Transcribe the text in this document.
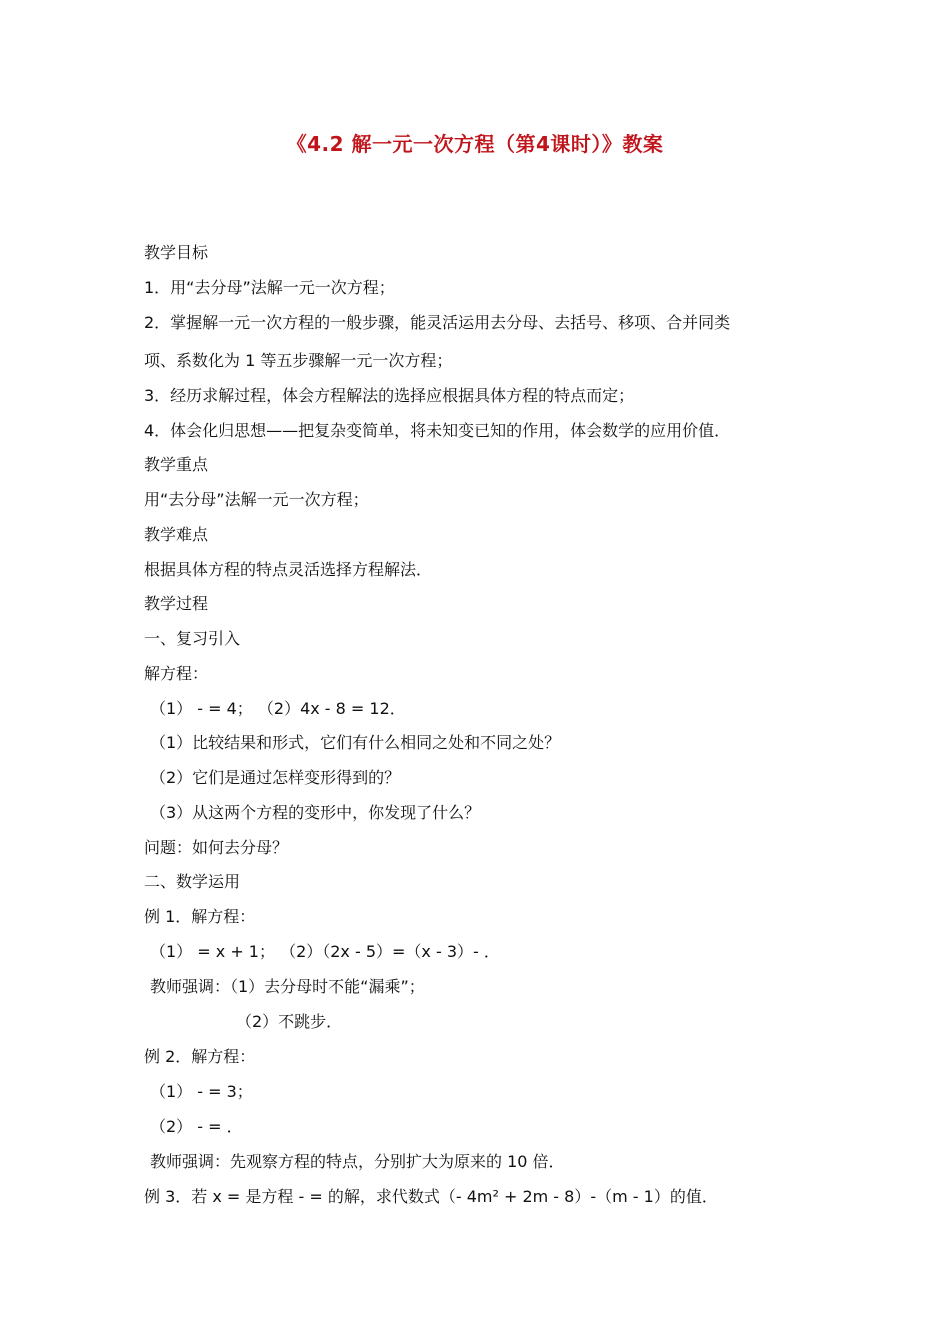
《4.2 解一元一次方程（第4课时）》教案
教学目标
1．用“去分母”法解一元一次方程；
2．掌握解一元一次方程的一般步骤，能灵活运用去分母、去括号、移项、合并同类
项、系数化为 1 等五步骤解一元一次方程；
3．经历求解过程，体会方程解法的选择应根据具体方程的特点而定；
4．体会化归思想——把复杂变简单，将未知变已知的作用，体会数学的应用价值．
教学重点
用“去分母”法解一元一次方程；
教学难点
根据具体方程的特点灵活选择方程解法．
教学过程
一、复习引入
解方程：
（1） - = 4； （2）4x - 8 = 12．
（1）比较结果和形式，它们有什么相同之处和不同之处？
（2）它们是通过怎样变形得到的？
（3）从这两个方程的变形中，你发现了什么？
问题：如何去分母？
二、数学运用
例 1．解方程：
（1） = x + 1； （2）（2x - 5）=（x - 3）- ．
教师强调：（1）去分母时不能“漏乘”；
（2）不跳步．
例 2．解方程：
（1） - = 3；
（2） - = ．
教师强调：先观察方程的特点，分别扩大为原来的 10 倍．
例 3．若 x = 是方程 - = 的解，求代数式（- 4m² + 2m - 8）-（m - 1）的值．
